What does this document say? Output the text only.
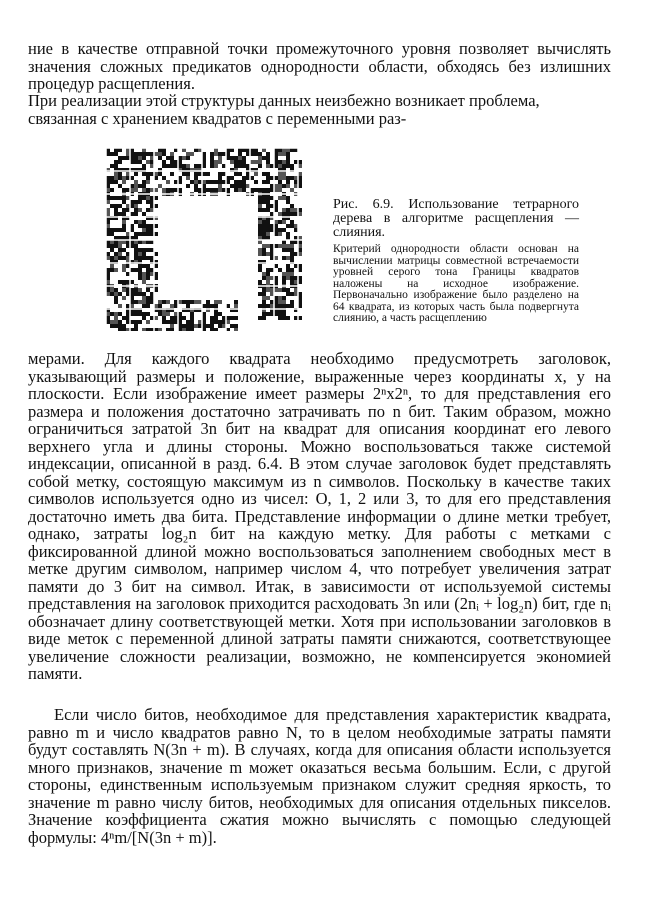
ние в качестве отправной точки промежуточного уровня позволяет вычислять значения сложных предикатов однородности области, обходясь без излишних процедур расщепления.

При реализации этой структуры данных неизбежно возникает проблема, связанная с хранением квадратов с переменными раз-

Рис. 6.9. Использование тетрарного дерева в алгоритме расщепления — слияния.

Критерий однородности области основан на вычислении матрицы совместной встречаемости уровней серого тона Границы квадратов наложены на исходное изображение. Первоначально изображение было разделено на 64 квадрата, из которых часть была подвергнута слиянию, а часть расщеплению

мерами. Для каждого квадрата необходимо предусмотреть заголовок, указывающий размеры и положение, выраженные через координаты x, y на плоскости. Если изображение имеет размеры 2ⁿx2ⁿ, то для представления его размера и положения достаточно затрачивать по n бит. Таким образом, можно ограничиться затратой 3n бит на квадрат для описания координат его левого верхнего угла и длины стороны. Можно воспользоваться также системой индексации, описанной в разд. 6.4. В этом случае заголовок будет представлять собой метку, состоящую максимум из n символов. Поскольку в качестве таких символов используется одно из чисел: О, 1, 2 или 3, то для его представления достаточно иметь два бита. Представление информации о длине метки требует, однако, затраты log₂n бит на каждую метку. Для работы с метками с фиксированной длиной можно воспользоваться заполнением свободных мест в метке другим символом, например числом 4, что потребует увеличения затрат памяти до 3 бит на символ. Итак, в зависимости от используемой системы представления на заголовок приходится расходовать 3n или (2nᵢ + log₂n) бит, где nᵢ обозначает длину соответствующей метки. Хотя при использовании заголовков в виде меток с переменной длиной затраты памяти снижаются, соответствующее увеличение сложности реализации, возможно, не компенсируется экономией памяти.

Если число битов, необходимое для представления характеристик квадрата, равно m и число квадратов равно N, то в целом необходимые затраты памяти будут составлять N(3n + m). В случаях, когда для описания области используется много признаков, значение m может оказаться весьма большим. Если, с другой стороны, единственным используемым признаком служит средняя яркость, то значение m равно числу битов, необходимых для описания отдельных пикселов. Значение коэффициента сжатия можно вычислять с помощью следующей формулы: 4ⁿm/[N(3n + m)].
